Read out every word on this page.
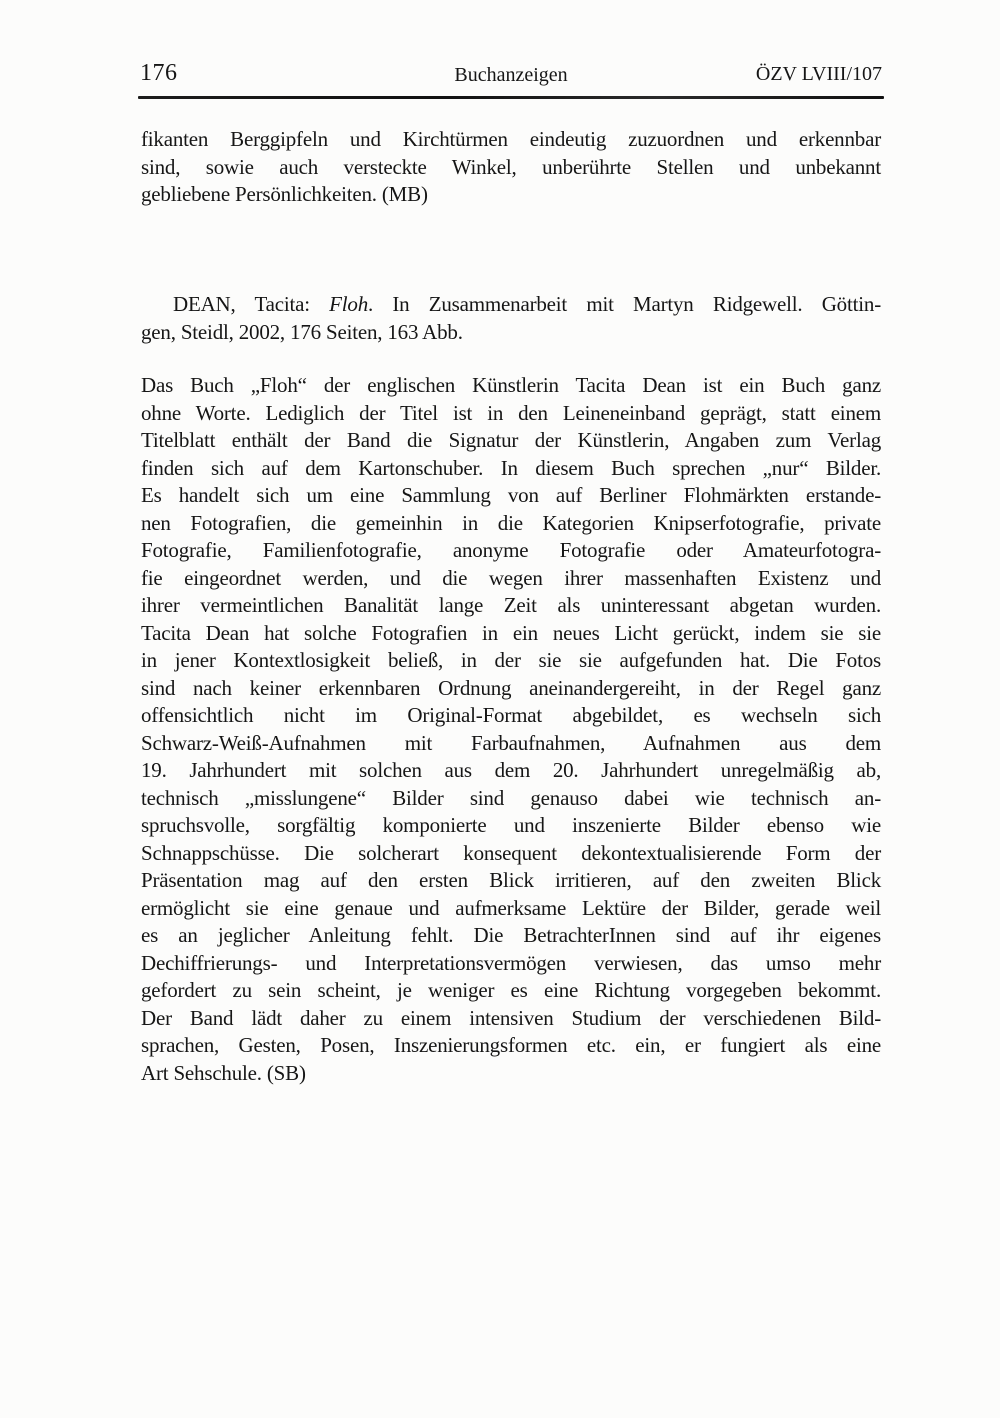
176	Buchanzeigen	ÖZV LVIII/107
fikanten Berggipfeln und Kirchtürmen eindeutig zuzuordnen und erkennbar
sind, sowie auch versteckte Winkel, unberührte Stellen und unbekannt
gebliebene Persönlichkeiten. (MB)
DEAN, Tacita: Floh. In Zusammenarbeit mit Martyn Ridgewell. Göttin-
gen, Steidl, 2002, 176 Seiten, 163 Abb.
Das Buch „Floh“ der englischen Künstlerin Tacita Dean ist ein Buch ganz
ohne Worte. Lediglich der Titel ist in den Leineneinband geprägt, statt einem
Titelblatt enthält der Band die Signatur der Künstlerin, Angaben zum Verlag
finden sich auf dem Kartonschuber. In diesem Buch sprechen „nur“ Bilder.
Es handelt sich um eine Sammlung von auf Berliner Flohmärkten erstande-
nen Fotografien, die gemeinhin in die Kategorien Knipserfotografie, private
Fotografie, Familienfotografie, anonyme Fotografie oder Amateurfotogra-
fie eingeordnet werden, und die wegen ihrer massenhaften Existenz und
ihrer vermeintlichen Banalität lange Zeit als uninteressant abgetan wurden.
Tacita Dean hat solche Fotografien in ein neues Licht gerückt, indem sie sie
in jener Kontextlosigkeit beließ, in der sie sie aufgefunden hat. Die Fotos
sind nach keiner erkennbaren Ordnung aneinandergereiht, in der Regel ganz
offensichtlich nicht im Original-Format abgebildet, es wechseln sich
Schwarz-Weiß-Aufnahmen mit Farbaufnahmen, Aufnahmen aus dem
19. Jahrhundert mit solchen aus dem 20. Jahrhundert unregelmäßig ab,
technisch „misslungene“ Bilder sind genauso dabei wie technisch an-
spruchsvolle, sorgfältig komponierte und inszenierte Bilder ebenso wie
Schnappschüsse. Die solcherart konsequent dekontextualisierende Form der
Präsentation mag auf den ersten Blick irritieren, auf den zweiten Blick
ermöglicht sie eine genaue und aufmerksame Lektüre der Bilder, gerade weil
es an jeglicher Anleitung fehlt. Die BetrachterInnen sind auf ihr eigenes
Dechiffrierungs- und Interpretationsvermögen verwiesen, das umso mehr
gefordert zu sein scheint, je weniger es eine Richtung vorgegeben bekommt.
Der Band lädt daher zu einem intensiven Studium der verschiedenen Bild-
sprachen, Gesten, Posen, Inszenierungsformen etc. ein, er fungiert als eine
Art Sehschule. (SB)
